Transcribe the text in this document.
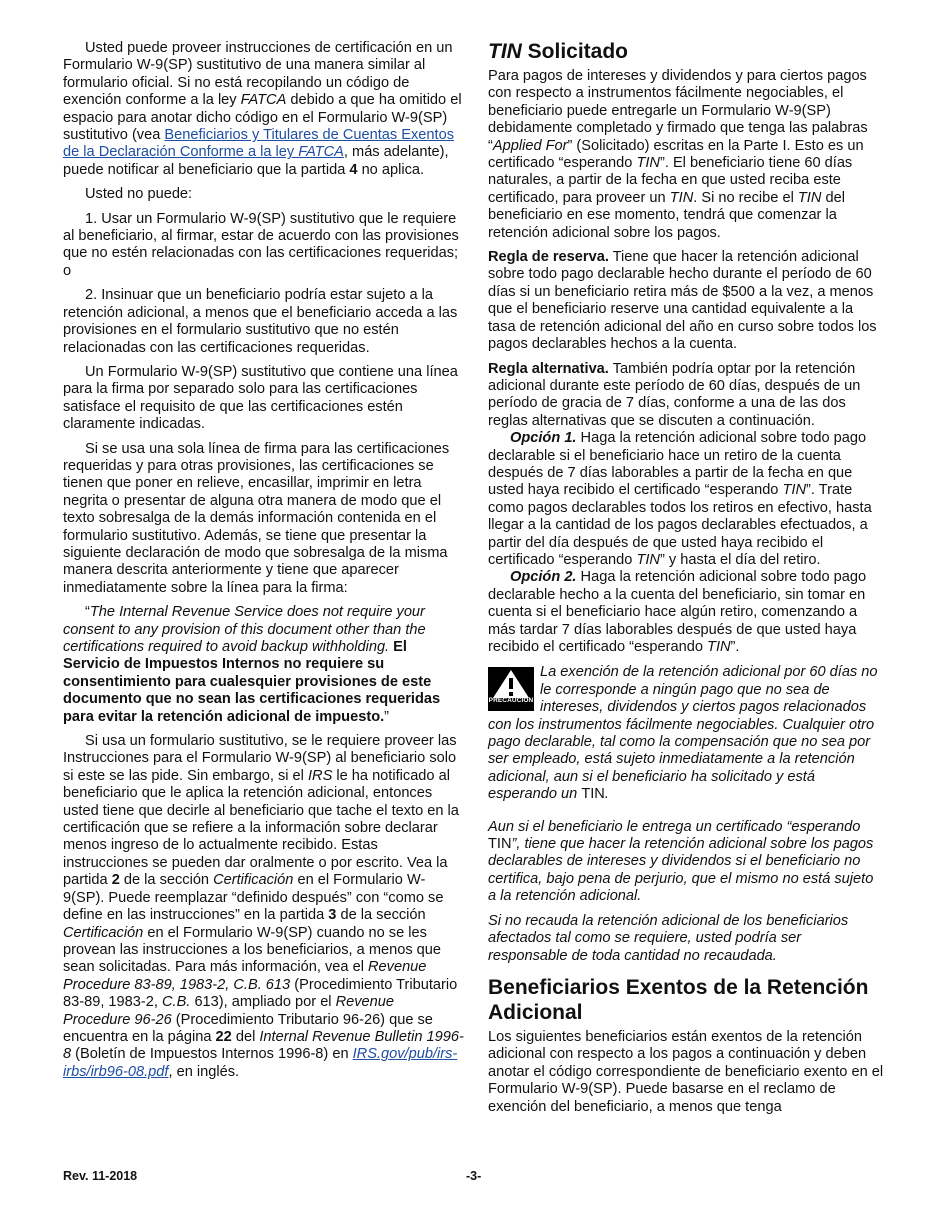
Usted puede proveer instrucciones de certificación en un Formulario W-9(SP) sustitutivo de una manera similar al formulario oficial. Si no está recopilando un código de exención conforme a la ley FATCA debido a que ha omitido el espacio para anotar dicho código en el Formulario W-9(SP) sustitutivo (vea Beneficiarios y Titulares de Cuentas Exentos de la Declaración Conforme a la ley FATCA, más adelante), puede notificar al beneficiario que la partida 4 no aplica.

Usted no puede:

1. Usar un Formulario W-9(SP) sustitutivo que le requiere al beneficiario, al firmar, estar de acuerdo con las provisiones que no estén relacionadas con las certificaciones requeridas; o

2. Insinuar que un beneficiario podría estar sujeto a la retención adicional, a menos que el beneficiario acceda a las provisiones en el formulario sustitutivo que no estén relacionadas con las certificaciones requeridas.

Un Formulario W-9(SP) sustitutivo que contiene una línea para la firma por separado solo para las certificaciones satisface el requisito de que las certificaciones estén claramente indicadas.

Si se usa una sola línea de firma para las certificaciones requeridas y para otras provisiones, las certificaciones se tienen que poner en relieve, encasillar, imprimir en letra negrita o presentar de alguna otra manera de modo que el texto sobresalga de la demás información contenida en el formulario sustitutivo. Además, se tiene que presentar la siguiente declaración de modo que sobresalga de la misma manera descrita anteriormente y tiene que aparecer inmediatamente sobre la línea para la firma:

“The Internal Revenue Service does not require your consent to any provision of this document other than the certifications required to avoid backup withholding. El Servicio de Impuestos Internos no requiere su consentimiento para cualesquier provisiones de este documento que no sean las certificaciones requeridas para evitar la retención adicional de impuesto.”

Si usa un formulario sustitutivo, se le requiere proveer las Instrucciones para el Formulario W-9(SP) al beneficiario solo si este se las pide. Sin embargo, si el IRS le ha notificado al beneficiario que le aplica la retención adicional, entonces usted tiene que decirle al beneficiario que tache el texto en la certificación que se refiere a la información sobre declarar menos ingreso de lo actualmente recibido. Estas instrucciones se pueden dar oralmente o por escrito. Vea la partida 2 de la sección Certificación en el Formulario W-9(SP). Puede reemplazar “definido después” con “como se define en las instrucciones” en la partida 3 de la sección Certificación en el Formulario W-9(SP) cuando no se les provean las instrucciones a los beneficiarios, a menos que sean solicitadas. Para más información, vea el Revenue Procedure 83-89, 1983-2, C.B. 613 (Procedimiento Tributario 83-89, 1983-2, C.B. 613), ampliado por el Revenue Procedure 96-26 (Procedimiento Tributario 96-26) que se encuentra en la página 22 del Internal Revenue Bulletin 1996-8 (Boletín de Impuestos Internos 1996-8) en IRS.gov/pub/irs-irbs/irb96-08.pdf, en inglés.

TIN Solicitado

Para pagos de intereses y dividendos y para ciertos pagos con respecto a instrumentos fácilmente negociables, el beneficiario puede entregarle un Formulario W-9(SP) debidamente completado y firmado que tenga las palabras “Applied For” (Solicitado) escritas en la Parte I. Esto es un certificado “esperando TIN”. El beneficiario tiene 60 días naturales, a partir de la fecha en que usted reciba este certificado, para proveer un TIN. Si no recibe el TIN del beneficiario en ese momento, tendrá que comenzar la retención adicional sobre los pagos.

Regla de reserva. Tiene que hacer la retención adicional sobre todo pago declarable hecho durante el período de 60 días si un beneficiario retira más de $500 a la vez, a menos que el beneficiario reserve una cantidad equivalente a la tasa de retención adicional del año en curso sobre todos los pagos declarables hechos a la cuenta.

Regla alternativa. También podría optar por la retención adicional durante este período de 60 días, después de un período de gracia de 7 días, conforme a una de las dos reglas alternativas que se discuten a continuación.

Opción 1. Haga la retención adicional sobre todo pago declarable si el beneficiario hace un retiro de la cuenta después de 7 días laborables a partir de la fecha en que usted haya recibido el certificado “esperando TIN”. Trate como pagos declarables todos los retiros en efectivo, hasta llegar a la cantidad de los pagos declarables efectuados, a partir del día después de que usted haya recibido el certificado “esperando TIN” y hasta el día del retiro.

Opción 2. Haga la retención adicional sobre todo pago declarable hecho a la cuenta del beneficiario, sin tomar en cuenta si el beneficiario hace algún retiro, comenzando a más tardar 7 días laborables después de que usted haya recibido el certificado “esperando TIN”.

PRECAUCIÓN
La exención de la retención adicional por 60 días no le corresponde a ningún pago que no sea de intereses, dividendos y ciertos pagos relacionados con los instrumentos fácilmente negociables. Cualquier otro pago declarable, tal como la compensación que no sea por ser empleado, está sujeto inmediatamente a la retención adicional, aun si el beneficiario ha solicitado y está esperando un TIN.

Aun si el beneficiario le entrega un certificado “esperando TIN”, tiene que hacer la retención adicional sobre los pagos declarables de intereses y dividendos si el beneficiario no certifica, bajo pena de perjurio, que el mismo no está sujeto a la retención adicional.

Si no recauda la retención adicional de los beneficiarios afectados tal como se requiere, usted podría ser responsable de toda cantidad no recaudada.

Beneficiarios Exentos de la Retención Adicional

Los siguientes beneficiarios están exentos de la retención adicional con respecto a los pagos a continuación y deben anotar el código correspondiente de beneficiario exento en el Formulario W-9(SP). Puede basarse en el reclamo de exención del beneficiario, a menos que tenga

Rev. 11-2018	-3-
